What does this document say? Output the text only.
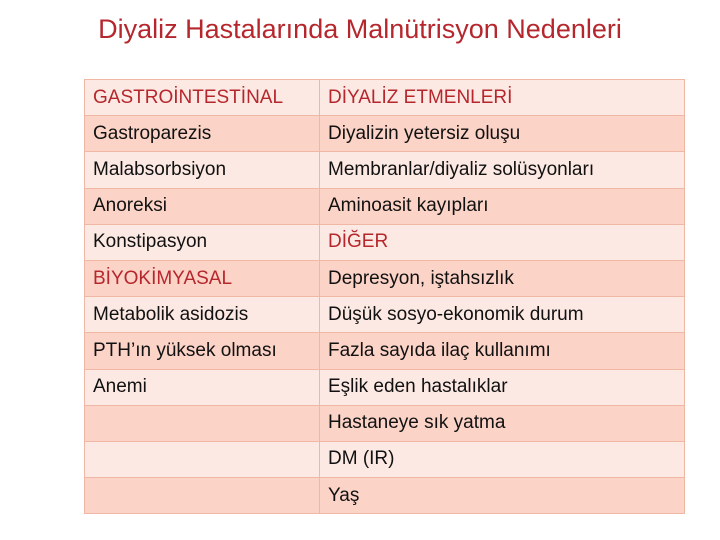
Diyaliz Hastalarında Malnütrisyon Nedenleri
GASTROİNTESTİNAL	DİYALİZ ETMENLERİ
Gastroparezis	Diyalizin yetersiz oluşu
Malabsorbsiyon	Membranlar/diyaliz solüsyonları
Anoreksi	Aminoasit kayıpları
Konstipasyon	DİĞER
BİYOKİMYASAL	Depresyon, iştahsızlık
Metabolik asidozis	Düşük sosyo-ekonomik durum
PTH’ın yüksek olması	Fazla sayıda ilaç kullanımı
Anemi	Eşlik eden hastalıklar
	Hastaneye sık yatma
	DM (IR)
	Yaş
